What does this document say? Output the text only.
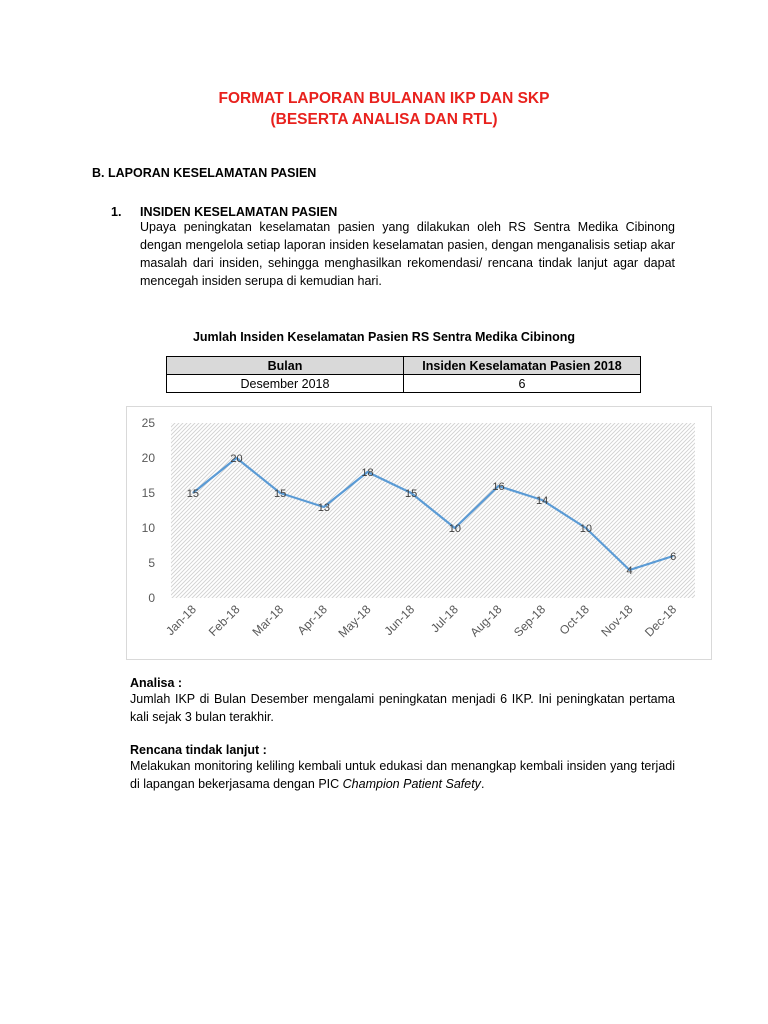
FORMAT LAPORAN BULANAN IKP DAN SKP
(BESERTA ANALISA DAN RTL)
B. LAPORAN KESELAMATAN PASIEN
1. INSIDEN KESELAMATAN PASIEN
Upaya peningkatan keselamatan pasien yang dilakukan oleh RS Sentra Medika Cibinong dengan mengelola setiap laporan insiden keselamatan pasien, dengan menganalisis setiap akar masalah dari insiden, sehingga menghasilkan rekomendasi/ rencana tindak lanjut agar dapat mencegah insiden serupa di kemudian hari.
Jumlah Insiden Keselamatan Pasien RS Sentra Medika Cibinong
Bulan	Insiden Keselamatan Pasien 2018
Desember 2018	6
0
5
10
15
20
25
Jan-18 Feb-18 Mar-18 Apr-18 May-18 Jun-18 Jul-18 Aug-18 Sep-18 Oct-18 Nov-18 Dec-18
15
20
15
13
18
15
10
16
14
10
4
6
Analisa :
Jumlah IKP di Bulan Desember mengalami peningkatan menjadi 6 IKP. Ini peningkatan pertama kali sejak 3 bulan terakhir.
Rencana tindak lanjut :
Melakukan monitoring keliling kembali untuk edukasi dan menangkap kembali insiden yang terjadi di lapangan bekerjasama dengan PIC Champion Patient Safety.
